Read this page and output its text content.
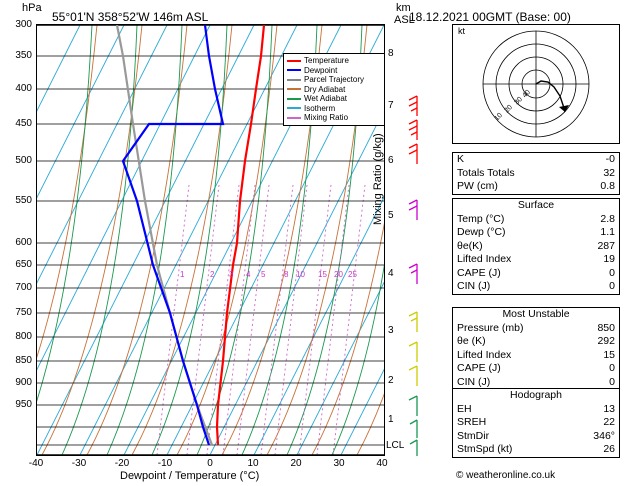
hPa
55°01'N 358°52'W 146m ASL
km
ASL
18.12.2021 00GMT (Base: 00)
1	2 3 4 5 8 10 15 20 25
Temperature
Dewpoint
Parcel Trajectory
Dry Adiabat
Wet Adiabat
Isotherm
Mixing Ratio
300
350
400
450
500
550
600
650
700
750
800
850
900
950
-40	-30	-20	-10	0	10	20	30	40
Dewpoint / Temperature (°C)
8
7
6
5
4
3
2
1
LCL
Mixing Ratio (g/kg)
10
20
30
40
kt
K	-0
Totals Totals	32
PW (cm)	0.8
Surface
Temp (°C)	2.8
Dewp (°C)	1.1
θe(K)	287
Lifted Index	19
CAPE (J)	0
CIN (J)	0
Most Unstable
Pressure (mb)	850
θe (K)	292
Lifted Index	15
CAPE (J)	0
CIN (J)	0
Hodograph
EH	13
SREH	22
StmDir	346°
StmSpd (kt)	26
© weatheronline.co.uk
